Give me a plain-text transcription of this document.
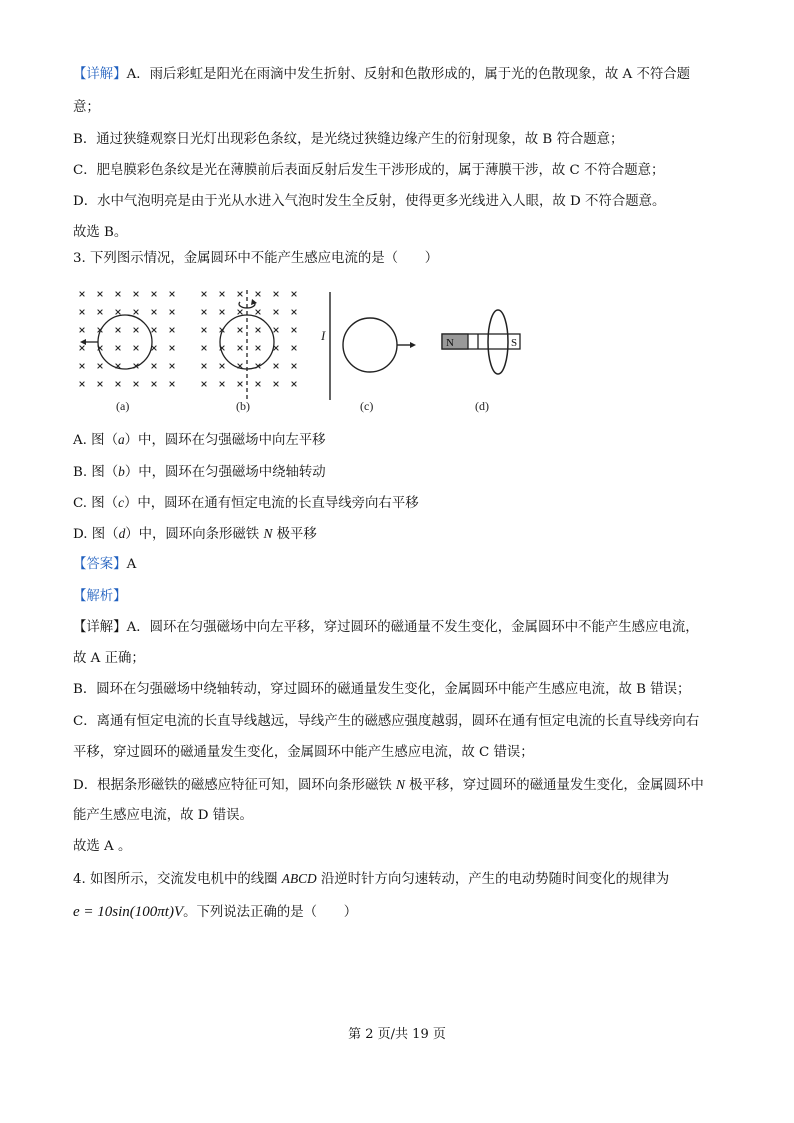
【详解】A．雨后彩虹是阳光在雨滴中发生折射、反射和色散形成的，属于光的色散现象，故 A 不符合题
意；
B．通过狭缝观察日光灯出现彩色条纹，是光绕过狭缝边缘产生的衍射现象，故 B 符合题意；
C．肥皂膜彩色条纹是光在薄膜前后表面反射后发生干涉形成的，属于薄膜干涉，故 C 不符合题意；
D．水中气泡明亮是由于光从水进入气泡时发生全反射，使得更多光线进入人眼，故 D 不符合题意。
故选 B。
3. 下列图示情况，金属圆环中不能产生感应电流的是（　　）
I	N	S
(a)	(b)	(c)	(d)
A. 图（a）中，圆环在匀强磁场中向左平移
B. 图（b）中，圆环在匀强磁场中绕轴转动
C. 图（c）中，圆环在通有恒定电流的长直导线旁向右平移
D. 图（d）中，圆环向条形磁铁 N 极平移
【答案】A
【解析】
【详解】A．圆环在匀强磁场中向左平移，穿过圆环的磁通量不发生变化，金属圆环中不能产生感应电流，
故 A 正确；
B．圆环在匀强磁场中绕轴转动，穿过圆环的磁通量发生变化，金属圆环中能产生感应电流，故 B 错误；
C．离通有恒定电流的长直导线越远，导线产生的磁感应强度越弱，圆环在通有恒定电流的长直导线旁向右
平移，穿过圆环的磁通量发生变化，金属圆环中能产生感应电流，故 C 错误；
D．根据条形磁铁的磁感应特征可知，圆环向条形磁铁 N 极平移，穿过圆环的磁通量发生变化，金属圆环中
能产生感应电流，故 D 错误。
故选 A 。
4. 如图所示，交流发电机中的线圈 ABCD 沿逆时针方向匀速转动，产生的电动势随时间变化的规律为
e = 10sin(100πt)V。下列说法正确的是（　　）
第 2 页/共 19 页
